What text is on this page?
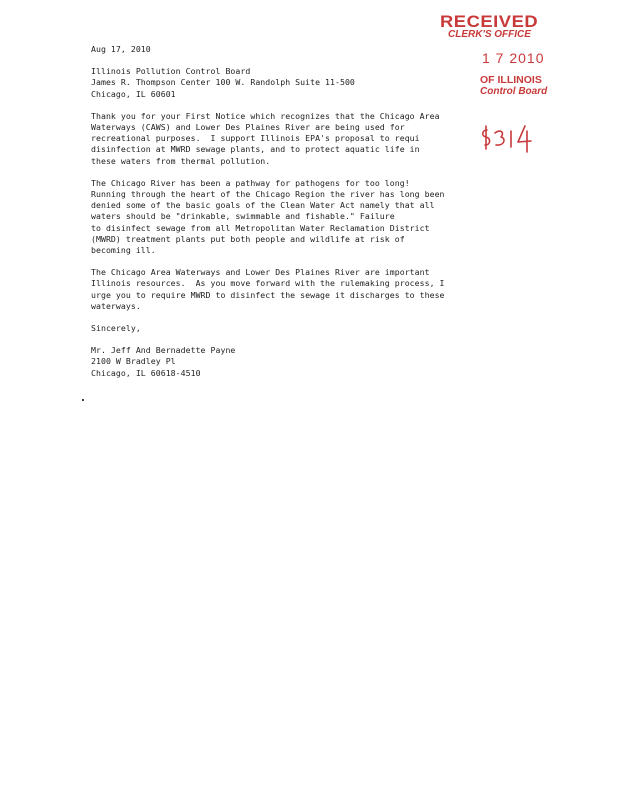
Aug 17, 2010
Illinois Pollution Control Board
James R. Thompson Center 100 W. Randolph Suite 11-500
Chicago, IL 60601
Thank you for your First Notice which recognizes that the Chicago Area
Waterways (CAWS) and Lower Des Plaines River are being used for
recreational purposes.  I support Illinois EPA's proposal to requi
disinfection at MWRD sewage plants, and to protect aquatic life in
these waters from thermal pollution.
The Chicago River has been a pathway for pathogens for too long!
Running through the heart of the Chicago Region the river has long been
denied some of the basic goals of the Clean Water Act namely that all
waters should be "drinkable, swimmable and fishable." Failure
to disinfect sewage from all Metropolitan Water Reclamation District
(MWRD) treatment plants put both people and wildlife at risk of
becoming ill.
The Chicago Area Waterways and Lower Des Plaines River are important
Illinois resources.  As you move forward with the rulemaking process, I
urge you to require MWRD to disinfect the sewage it discharges to these
waterways.
Sincerely,
Mr. Jeff And Bernadette Payne
2100 W Bradley Pl
Chicago, IL 60618-4510
RECEIVED
CLERK'S OFFICE
1 7 2010
OF ILLINOIS
Control Board
